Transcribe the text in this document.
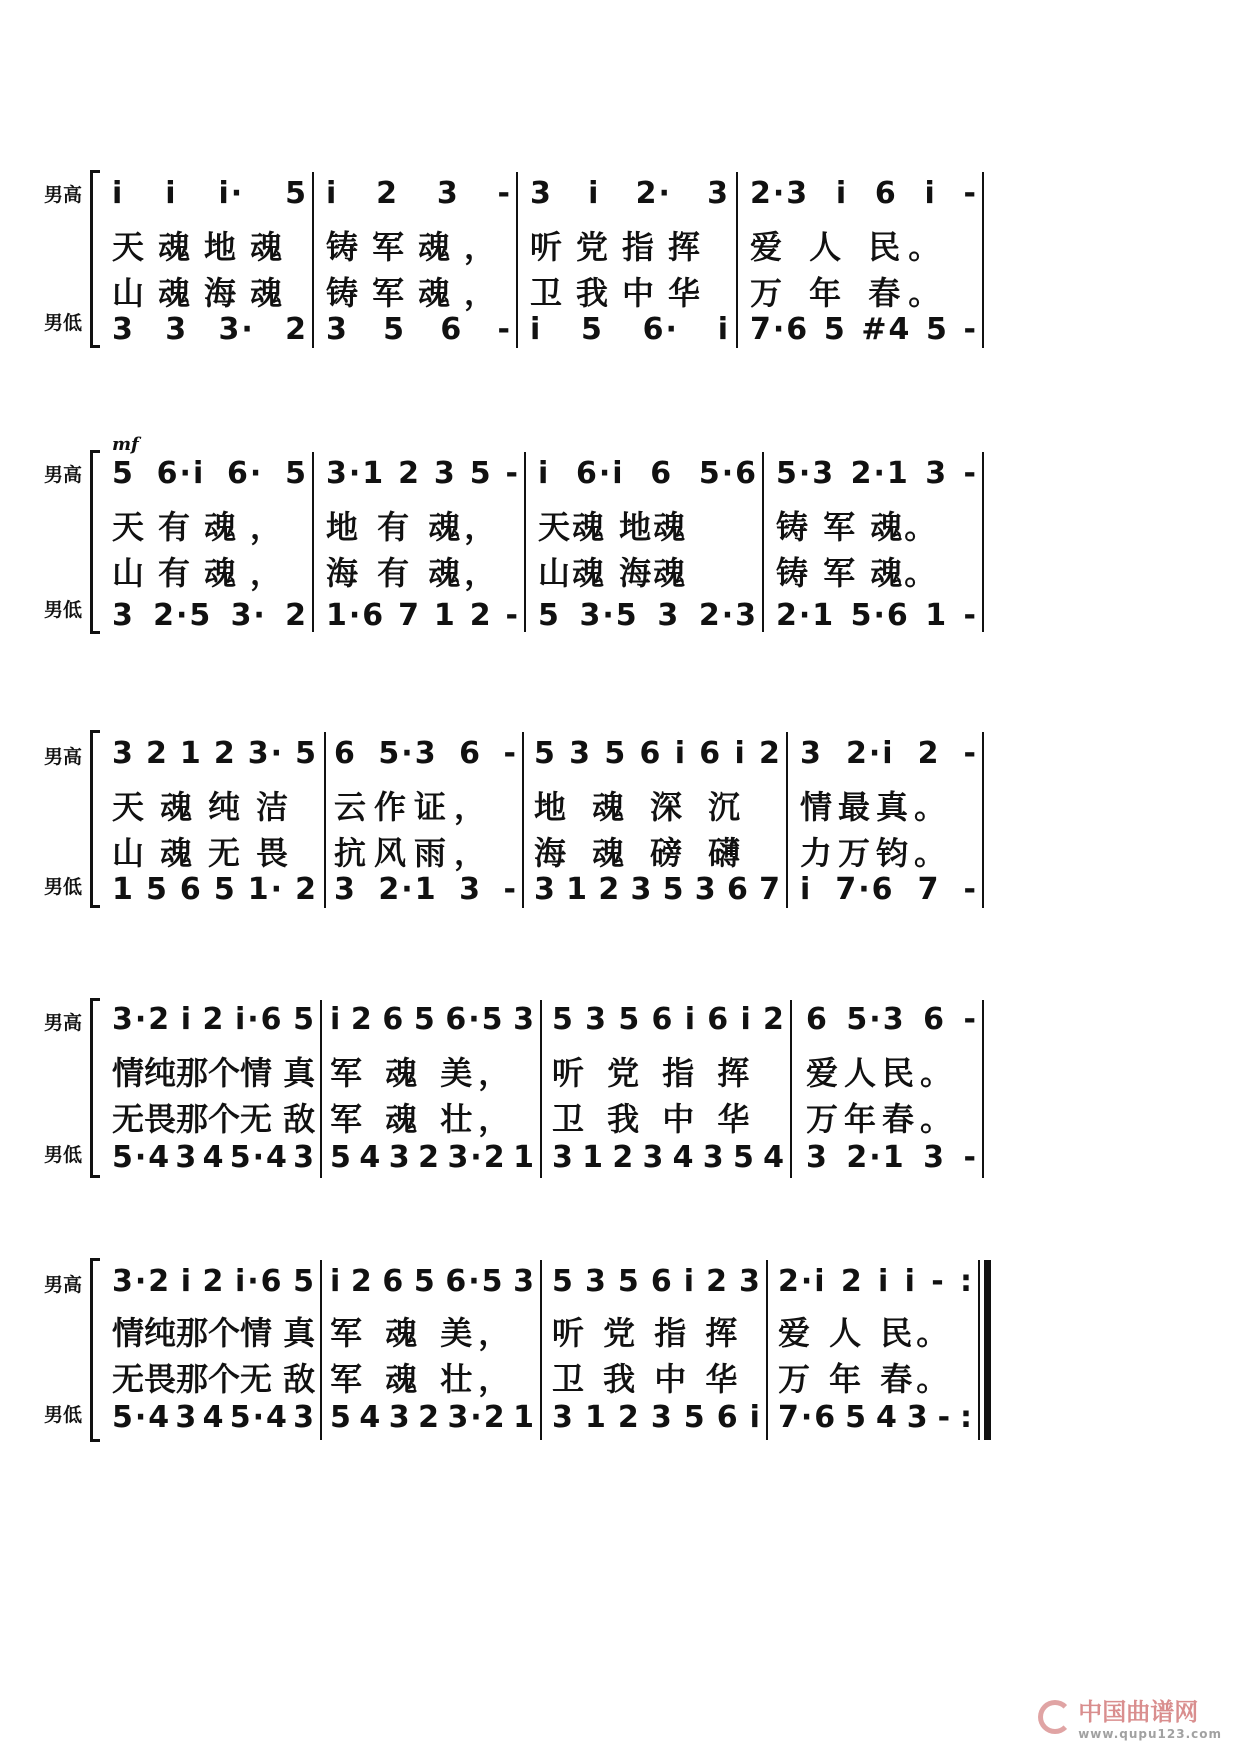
男高
男低
i i i· 5
天魂地魂
山魂海魂
3 3 3· 2
i 2 3 -
铸军魂，
铸军魂，
3 5 6 -
3 i 2· 3
听党指挥
卫我中华
i 5 6· i
2·3 i 6 i -
爱 人 民。
万 年 春。
7·6 5 #4 5 -
mf
男高
男低
5 6·i 6· 5
天有魂，
山有魂，
3 2·5 3· 2
3·1 2 3 5 -
地 有 魂，
海 有 魂，
1·6 7 1 2 -
i 6·i 6 5·6
天魂 地魂
山魂 海魂
5 3·5 3 2·3
5·3 2·1 3 -
铸 军 魂。
铸 军 魂。
2·1 5·6 1 -
男高
男低
3 2 1 2 3· 5
天魂纯洁
山魂无畏
1 5 6 5 1· 2
6 5·3 6 -
云作证，
抗风雨，
3 2·1 3 -
5 3 5 6 i 6 i 2
地魂深沉
海魂磅礴
3 1 2 3 5 3 6 7
3 2·i 2 -
情最真。
力万钧。
i 7·6 7 -
男高
男低
3·2 i 2 i·6 5
情纯那个情 真
无畏那个无 敌
5·4 3 4 5·4 3
i 2 6 5 6·5 3
军 魂 美，
军 魂 壮，
5 4 3 2 3·2 1
5 3 5 6 i 6 i 2
听 党 指 挥
卫 我 中 华
3 1 2 3 4 3 5 4
6 5·3 6 -
爱人民。
万年春。
3 2·1 3 -
男高
男低
3·2 i 2 i·6 5
情纯那个情 真
无畏那个无 敌
5·4 3 4 5·4 3
i 2 6 5 6·5 3
军 魂 美，
军 魂 壮，
5 4 3 2 3·2 1
5 3 5 6 i 2 3
听 党 指 挥
卫 我 中 华
3 1 2 3 5 6 i
2·i 2 i i - :
爱 人 民。
万 年 春。
7·6 5 4 3 - :
中国曲谱网
www.qupu123.com
